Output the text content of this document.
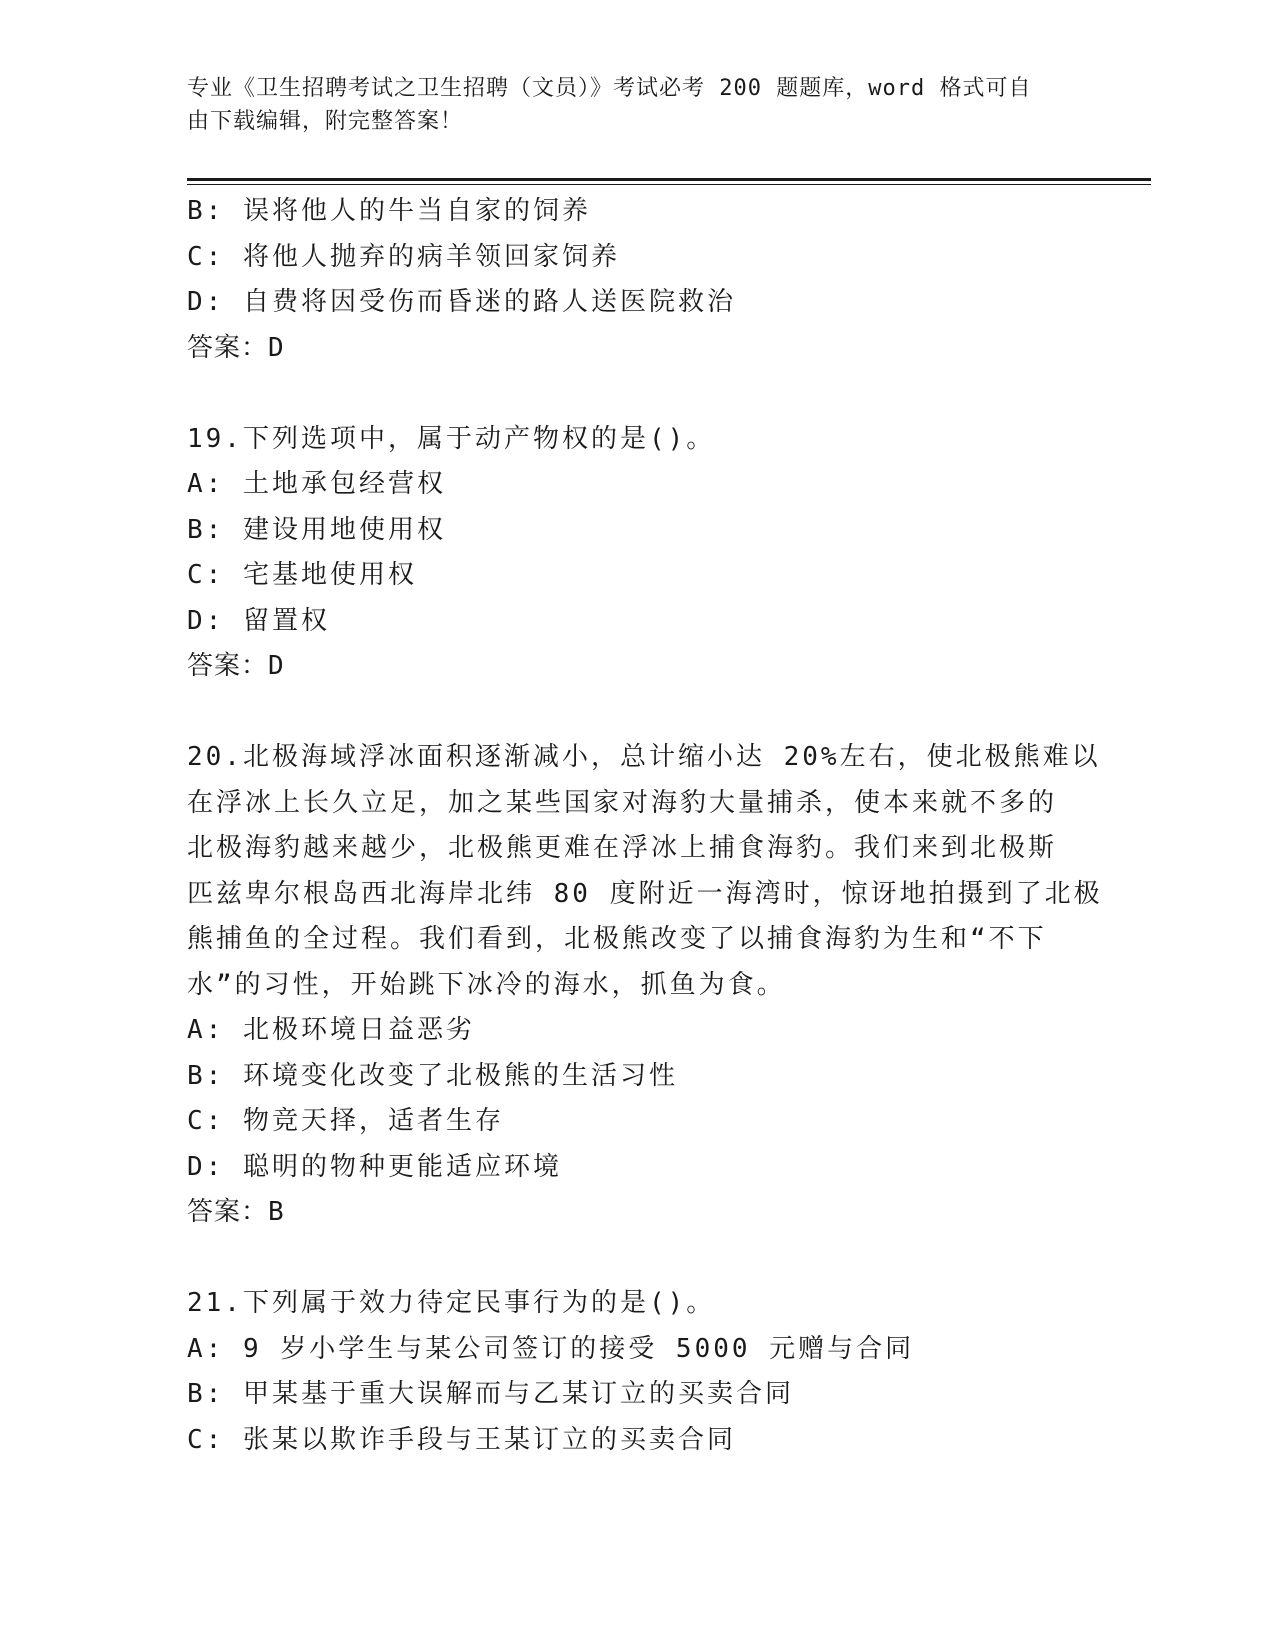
专业《卫生招聘考试之卫生招聘（文员）》考试必考 200 题题库，word 格式可自
由下载编辑，附完整答案！
B: 误将他人的牛当自家的饲养
C: 将他人抛弃的病羊领回家饲养
D: 自费将因受伤而昏迷的路人送医院救治
答案：D
19.下列选项中，属于动产物权的是()。
A: 土地承包经营权
B: 建设用地使用权
C: 宅基地使用权
D: 留置权
答案：D
20.北极海域浮冰面积逐渐减小，总计缩小达 20%左右，使北极熊难以
在浮冰上长久立足，加之某些国家对海豹大量捕杀，使本来就不多的
北极海豹越来越少，北极熊更难在浮冰上捕食海豹。我们来到北极斯
匹兹卑尔根岛西北海岸北纬 80 度附近一海湾时，惊讶地拍摄到了北极
熊捕鱼的全过程。我们看到，北极熊改变了以捕食海豹为生和“不下
水”的习性，开始跳下冰冷的海水，抓鱼为食。
A: 北极环境日益恶劣
B: 环境变化改变了北极熊的生活习性
C: 物竞天择，适者生存
D: 聪明的物种更能适应环境
答案：B
21.下列属于效力待定民事行为的是()。
A: 9 岁小学生与某公司签订的接受 5000 元赠与合同
B: 甲某基于重大误解而与乙某订立的买卖合同
C: 张某以欺诈手段与王某订立的买卖合同
